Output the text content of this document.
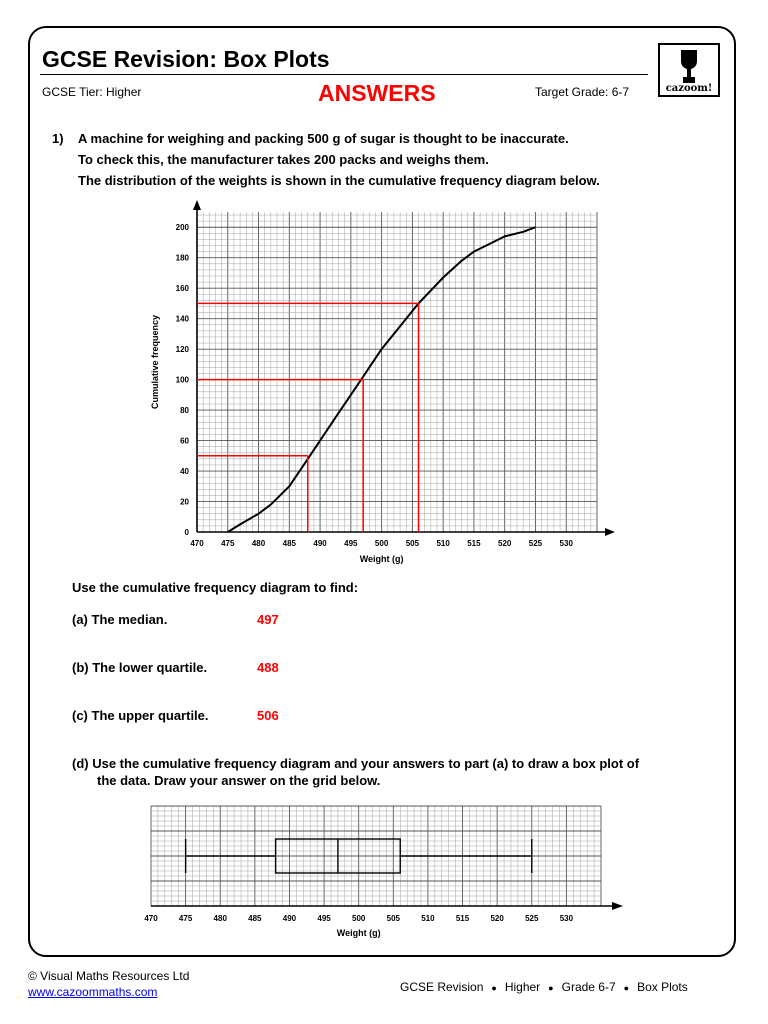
GCSE Revision: Box Plots
GCSE Tier: Higher	ANSWERS	Target Grade: 6-7	cazoom!
1) A machine for weighing and packing 500 g of sugar is thought to be inaccurate.
To check this, the manufacturer takes 200 packs and weighs them.
The distribution of the weights is shown in the cumulative frequency diagram below.
470 475 480 485 490 495 500 505 510 515 520 525 530
0
20
40
60
80
100
120
140
160
180
200
Weight (g)
Cumulative frequency
Use the cumulative frequency diagram to find:
(a) The median.	497
(b) The lower quartile.	488
(c) The upper quartile.	506
(d) Use the cumulative frequency diagram and your answers to part (a) to draw a box plot of
the data. Draw your answer on the grid below.
470	475	480	485	490	495	500	505	510	515	520	525	530
Weight (g)
© Visual Maths Resources Ltd
www.cazoommaths.com	GCSE Revision ● Higher ● Grade 6-7 ● Box Plots
